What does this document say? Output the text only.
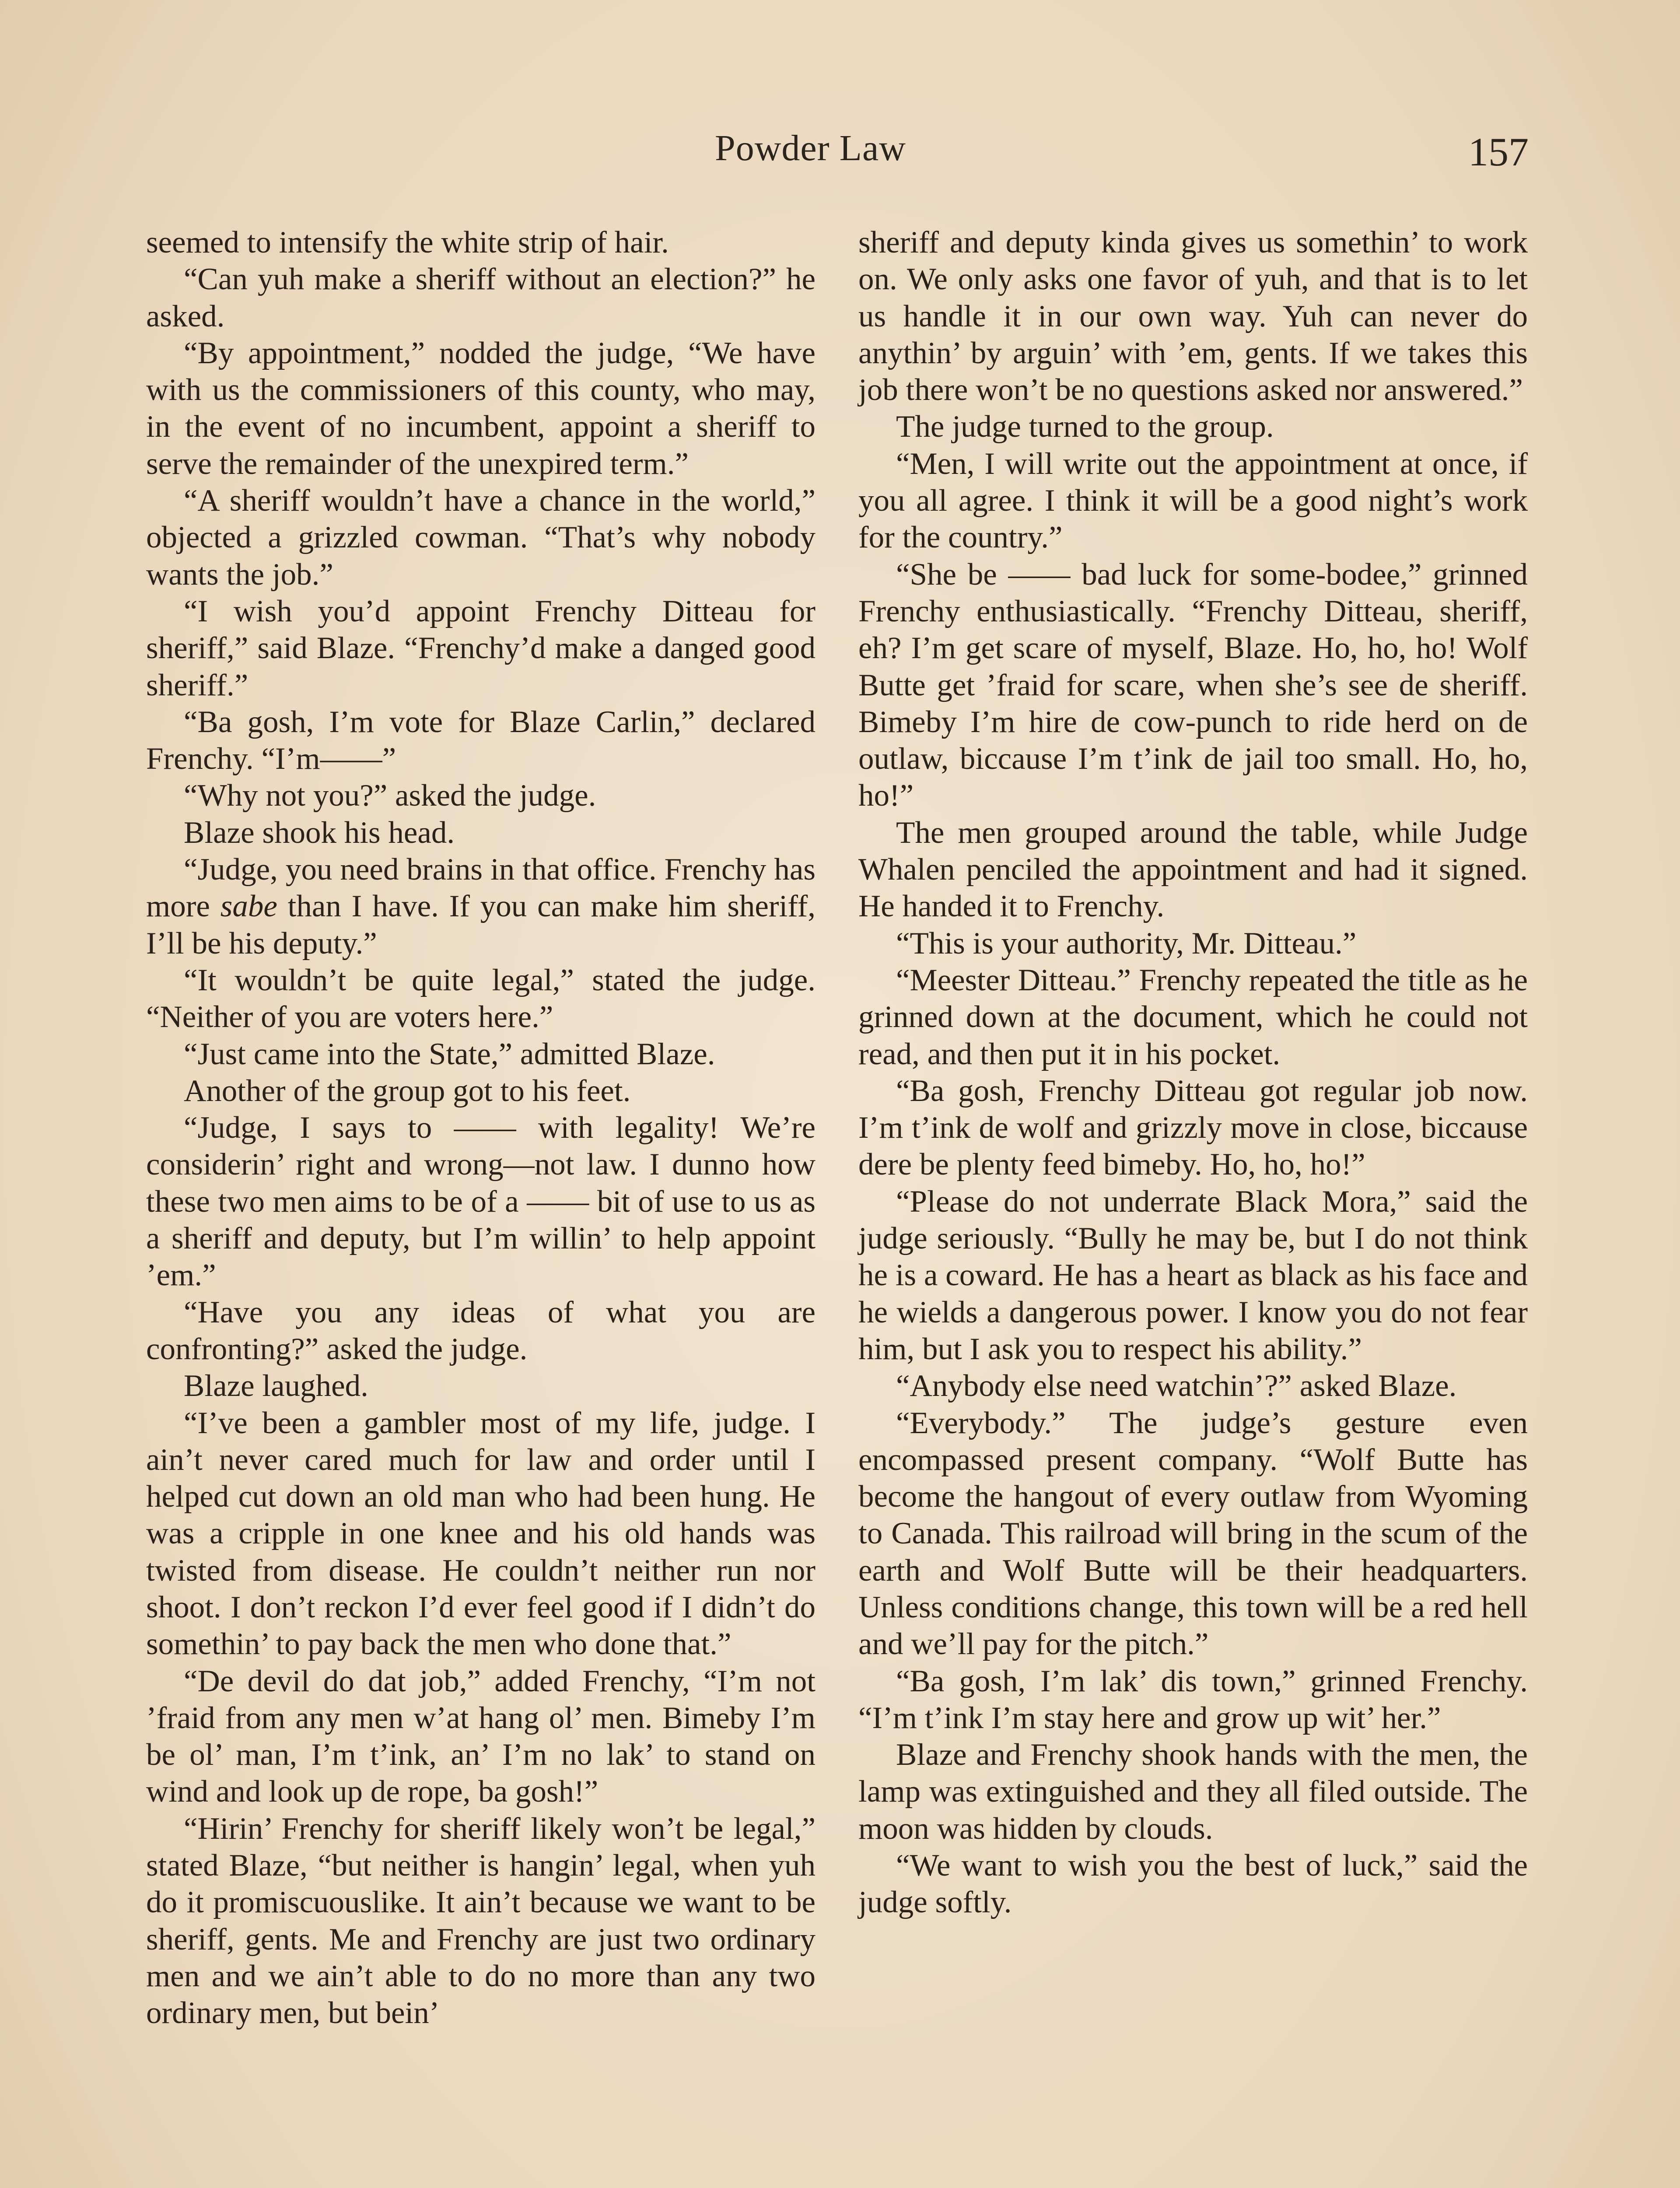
Powder Law	157

seemed to intensify the white strip of hair.

“Can yuh make a sheriff without an election?” he asked.

“By appointment,” nodded the judge, “We have with us the commissioners of this county, who may, in the event of no incumbent, appoint a sheriff to serve the remainder of the unexpired term.”

“A sheriff wouldn’t have a chance in the world,” objected a grizzled cowman. “That’s why nobody wants the job.”

“I wish you’d appoint Frenchy Ditteau for sheriff,” said Blaze. “Frenchy’d make a danged good sheriff.”

“Ba gosh, I’m vote for Blaze Carlin,” declared Frenchy. “I’m——”

“Why not you?” asked the judge.

Blaze shook his head.

“Judge, you need brains in that office. Frenchy has more sabe than I have. If you can make him sheriff, I’ll be his deputy.”

“It wouldn’t be quite legal,” stated the judge. “Neither of you are voters here.”

“Just came into the State,” admitted Blaze.

Another of the group got to his feet.

“Judge, I says to —— with legality! We’re considerin’ right and wrong—not law. I dunno how these two men aims to be of a —— bit of use to us as a sheriff and deputy, but I’m willin’ to help appoint ’em.”

“Have you any ideas of what you are confronting?” asked the judge.

Blaze laughed.

“I’ve been a gambler most of my life, judge. I ain’t never cared much for law and order until I helped cut down an old man who had been hung. He was a cripple in one knee and his old hands was twisted from disease. He couldn’t neither run nor shoot. I don’t reckon I’d ever feel good if I didn’t do somethin’ to pay back the men who done that.”

“De devil do dat job,” added Frenchy, “I’m not ’fraid from any men w’at hang ol’ men. Bimeby I’m be ol’ man, I’m t’ink, an’ I’m no lak’ to stand on wind and look up de rope, ba gosh!”

“Hirin’ Frenchy for sheriff likely won’t be legal,” stated Blaze, “but neither is hangin’ legal, when yuh do it promiscuouslike. It ain’t because we want to be sheriff, gents. Me and Frenchy are just two ordinary men and we ain’t able to do no more than any two ordinary men, but bein’

sheriff and deputy kinda gives us somethin’ to work on. We only asks one favor of yuh, and that is to let us handle it in our own way. Yuh can never do anythin’ by arguin’ with ’em, gents. If we takes this job there won’t be no questions asked nor answered.”

The judge turned to the group.

“Men, I will write out the appointment at once, if you all agree. I think it will be a good night’s work for the country.”

“She be —— bad luck for some-bodee,” grinned Frenchy enthusiastically. “Frenchy Ditteau, sheriff, eh? I’m get scare of myself, Blaze. Ho, ho, ho! Wolf Butte get ’fraid for scare, when she’s see de sheriff. Bimeby I’m hire de cow-punch to ride herd on de outlaw, biccause I’m t’ink de jail too small. Ho, ho, ho!”

The men grouped around the table, while Judge Whalen penciled the appointment and had it signed. He handed it to Frenchy.

“This is your authority, Mr. Ditteau.”

“Meester Ditteau.” Frenchy repeated the title as he grinned down at the document, which he could not read, and then put it in his pocket.

“Ba gosh, Frenchy Ditteau got regular job now. I’m t’ink de wolf and grizzly move in close, biccause dere be plenty feed bimeby. Ho, ho, ho!”

“Please do not underrate Black Mora,” said the judge seriously. “Bully he may be, but I do not think he is a coward. He has a heart as black as his face and he wields a dangerous power. I know you do not fear him, but I ask you to respect his ability.”

“Anybody else need watchin’?” asked Blaze.

“Everybody.” The judge’s gesture even encompassed present company. “Wolf Butte has become the hangout of every outlaw from Wyoming to Canada. This railroad will bring in the scum of the earth and Wolf Butte will be their headquarters. Unless conditions change, this town will be a red hell and we’ll pay for the pitch.”

“Ba gosh, I’m lak’ dis town,” grinned Frenchy. “I’m t’ink I’m stay here and grow up wit’ her.”

Blaze and Frenchy shook hands with the men, the lamp was extinguished and they all filed outside. The moon was hidden by clouds.

“We want to wish you the best of luck,” said the judge softly.
